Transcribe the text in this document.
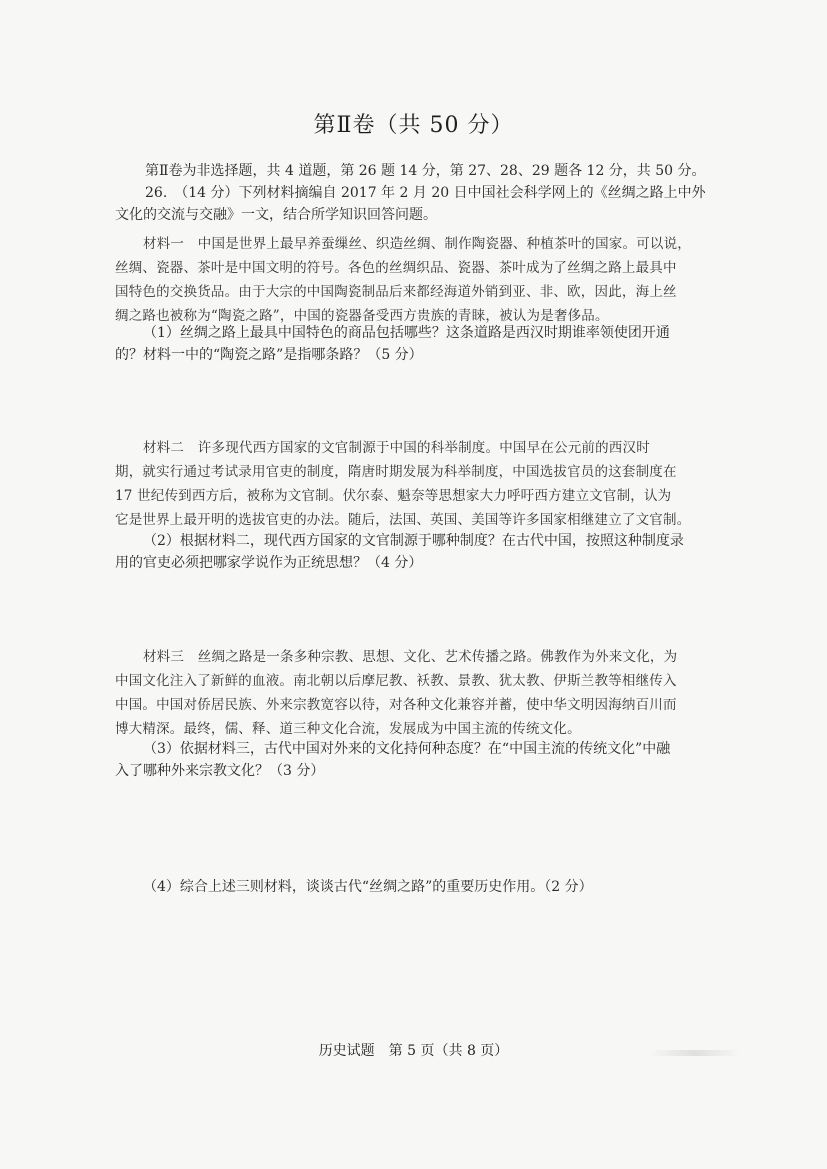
第Ⅱ卷（共 50 分）
第Ⅱ卷为非选择题，共 4 道题，第 26 题 14 分，第 27、28、29 题各 12 分，共 50 分。
26.　（14 分）下列材料摘编自 2017 年 2 月 20 日中国社会科学网上的《丝绸之路上中外
文化的交流与交融》一文，结合所学知识回答问题。
材料一　中国是世界上最早养蚕缫丝、织造丝绸、制作陶瓷器、种植茶叶的国家。可以说，
丝绸、瓷器、茶叶是中国文明的符号。各色的丝绸织品、瓷器、茶叶成为了丝绸之路上最具中
国特色的交换货品。由于大宗的中国陶瓷制品后来都经海道外销到亚、非、欧，因此，海上丝
绸之路也被称为“陶瓷之路”，中国的瓷器备受西方贵族的青睐，被认为是奢侈品。
（1）丝绸之路上最具中国特色的商品包括哪些？这条道路是西汉时期谁率领使团开通
的？材料一中的“陶瓷之路”是指哪条路？（5 分）
材料二　许多现代西方国家的文官制源于中国的科举制度。中国早在公元前的西汉时
期，就实行通过考试录用官吏的制度，隋唐时期发展为科举制度，中国选拔官员的这套制度在
17 世纪传到西方后，被称为文官制。伏尔泰、魁奈等思想家大力呼吁西方建立文官制，认为
它是世界上最开明的选拔官吏的办法。随后，法国、英国、美国等许多国家相继建立了文官制。
（2）根据材料二，现代西方国家的文官制源于哪种制度？在古代中国，按照这种制度录
用的官吏必须把哪家学说作为正统思想？（4 分）
材料三　丝绸之路是一条多种宗教、思想、文化、艺术传播之路。佛教作为外来文化，为
中国文化注入了新鲜的血液。南北朝以后摩尼教、袄教、景教、犹太教、伊斯兰教等相继传入
中国。中国对侨居民族、外来宗教宽容以待，对各种文化兼容并蓄，使中华文明因海纳百川而
博大精深。最终，儒、释、道三种文化合流，发展成为中国主流的传统文化。
（3）依据材料三，古代中国对外来的文化持何种态度？在“中国主流的传统文化”中融
入了哪种外来宗教文化？（3 分）
（4）综合上述三则材料，谈谈古代“丝绸之路”的重要历史作用。（2 分）
历史试题　第 5 页（共 8 页）
